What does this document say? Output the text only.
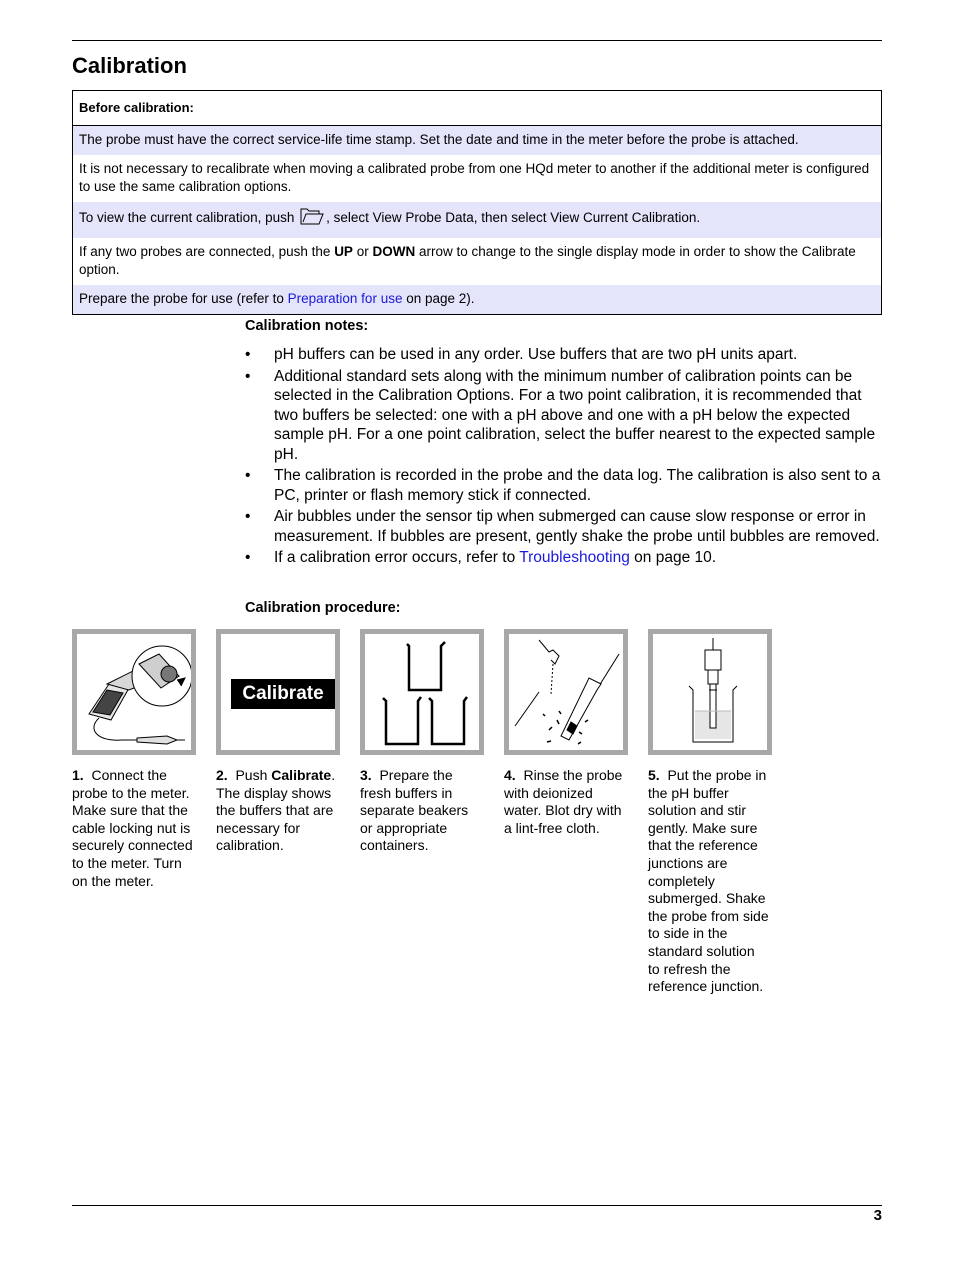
Calibration
Before calibration:
The probe must have the correct service-life time stamp. Set the date and time in the meter before the probe is attached.
It is not necessary to recalibrate when moving a calibrated probe from one HQd meter to another if the additional meter is configured to use the same calibration options.
To view the current calibration, push , select View Probe Data, then select View Current Calibration.
If any two probes are connected, push the UP or DOWN arrow to change to the single display mode in order to show the Calibrate option.
Prepare the probe for use (refer to Preparation for use on page 2).
Calibration notes:
• pH buffers can be used in any order. Use buffers that are two pH units apart.
• Additional standard sets along with the minimum number of calibration points can be selected in the Calibration Options. For a two point calibration, it is recommended that two buffers be selected: one with a pH above and one with a pH below the expected sample pH. For a one point calibration, select the buffer nearest to the expected sample pH.
• The calibration is recorded in the probe and the data log. The calibration is also sent to a PC, printer or flash memory stick if connected.
• Air bubbles under the sensor tip when submerged can cause slow response or error in measurement. If bubbles are present, gently shake the probe until bubbles are removed.
• If a calibration error occurs, refer to Troubleshooting on page 10.
Calibration procedure:
1. Connect the probe to the meter. Make sure that the cable locking nut is securely connected to the meter. Turn on the meter.
Calibrate
2. Push Calibrate. The display shows the buffers that are necessary for calibration.
3. Prepare the fresh buffers in separate beakers or appropriate containers.
4. Rinse the probe with deionized water. Blot dry with a lint-free cloth.
5. Put the probe in the pH buffer solution and stir gently. Make sure that the reference junctions are completely submerged. Shake the probe from side to side in the standard solution to refresh the reference junction.
3
